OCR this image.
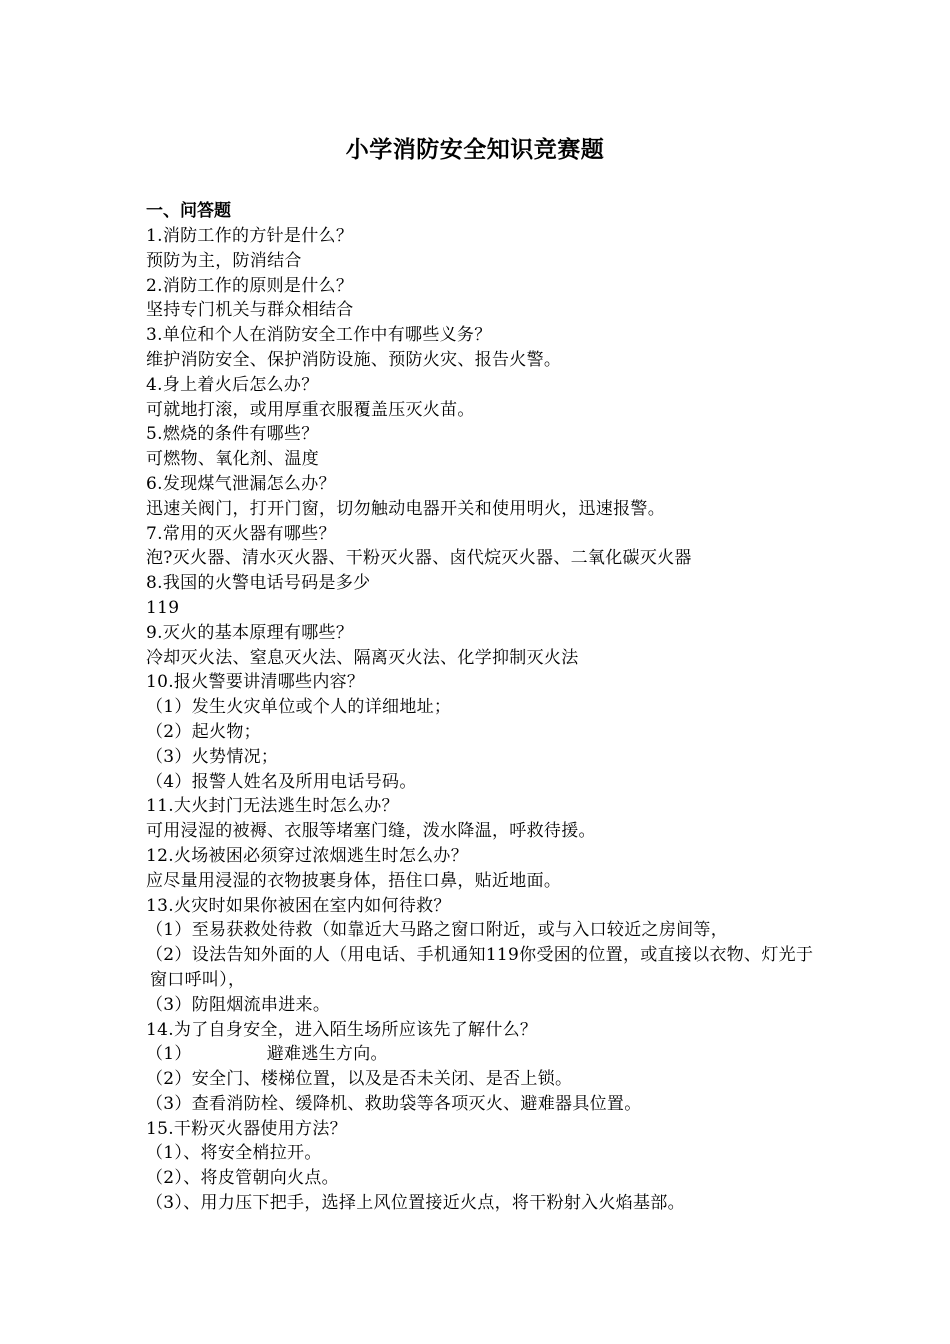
小学消防安全知识竞赛题
一、问答题
1.消防工作的方针是什么？
预防为主，防消结合
2.消防工作的原则是什么？
坚持专门机关与群众相结合
3.单位和个人在消防安全工作中有哪些义务？
维护消防安全、保护消防设施、预防火灾、报告火警。
4.身上着火后怎么办？
可就地打滚，或用厚重衣服覆盖压灭火苗。
5.燃烧的条件有哪些？
可燃物、氧化剂、温度
6.发现煤气泄漏怎么办？
迅速关阀门，打开门窗，切勿触动电器开关和使用明火，迅速报警。
7.常用的灭火器有哪些？
泡?灭火器、清水灭火器、干粉灭火器、卤代烷灭火器、二氧化碳灭火器
8.我国的火警电话号码是多少
119
9.灭火的基本原理有哪些？
冷却灭火法、窒息灭火法、隔离灭火法、化学抑制灭火法
10.报火警要讲清哪些内容？
（1）发生火灾单位或个人的详细地址；
（2）起火物；
（3）火势情况；
（4）报警人姓名及所用电话号码。
11.大火封门无法逃生时怎么办？
可用浸湿的被褥、衣服等堵塞门缝，泼水降温，呼救待援。
12.火场被困必须穿过浓烟逃生时怎么办？
应尽量用浸湿的衣物披裹身体，捂住口鼻，贴近地面。
13.火灾时如果你被困在室内如何待救？
（1）至易获救处待救（如靠近大马路之窗口附近，或与入口较近之房间等，
（2）设法告知外面的人（用电话、手机通知119你受困的位置，或直接以衣物、灯光于窗口呼叫），
（3）防阻烟流串进来。
14.为了自身安全，进入陌生场所应该先了解什么？
（1）	避难逃生方向。
（2）安全门、楼梯位置，以及是否未关闭、是否上锁。
（3）查看消防栓、缓降机、救助袋等各项灭火、避难器具位置。
15.干粉灭火器使用方法？
（1）、将安全梢拉开。
（2）、将皮管朝向火点。
（3）、用力压下把手，选择上风位置接近火点，将干粉射入火焰基部。
